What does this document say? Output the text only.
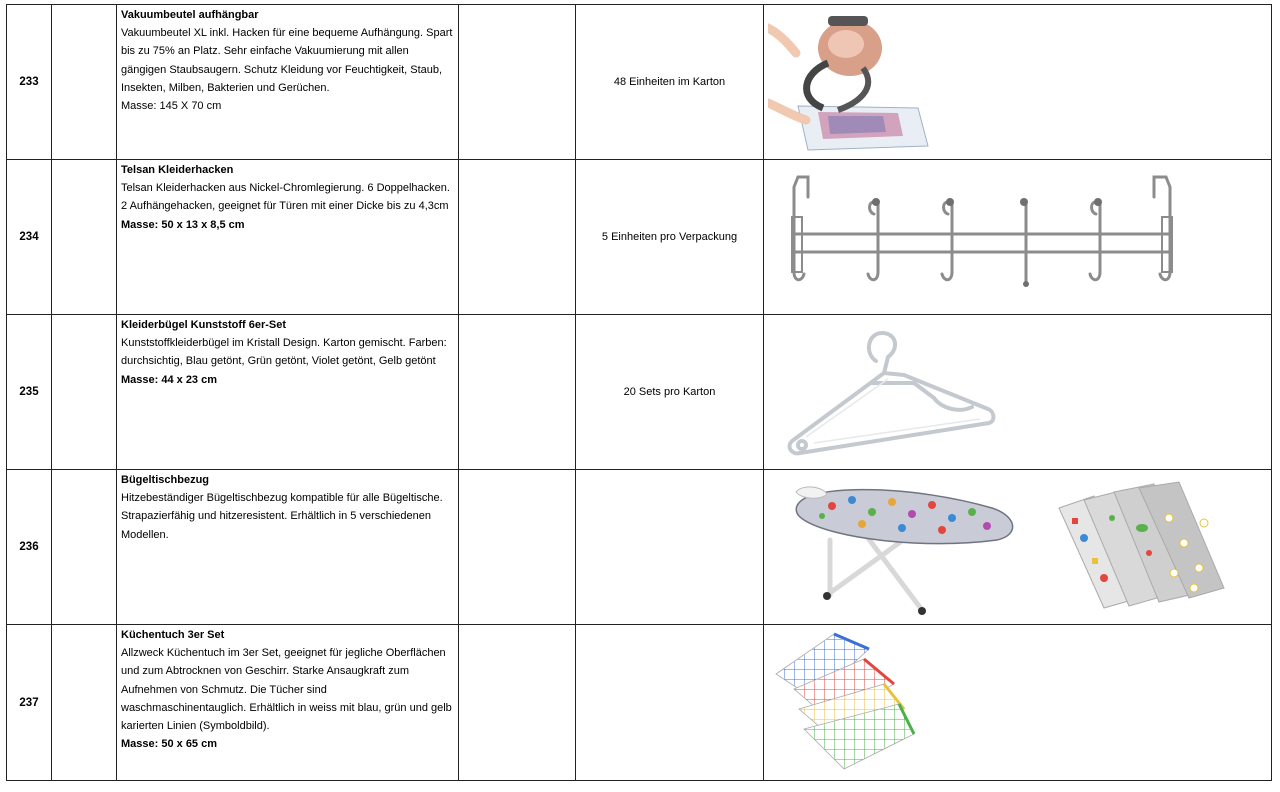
233		Vakuumbeutel aufhängbar
Vakuumbeutel XL inkl. Hacken für eine bequeme Aufhängung. Spart bis zu 75% an Platz. Sehr einfache Vakuumierung mit allen gängigen Staubsaugern. Schutz Kleidung vor Feuchtigkeit, Staub, Insekten, Milben, Bakterien und Gerüchen.
Masse: 145 X 70 cm		48 Einheiten im Karton	

234		Telsan Kleiderhacken
Telsan Kleiderhacken aus Nickel-Chromlegierung. 6 Doppelhacken. 2 Aufhängehacken, geeignet für Türen mit einer Dicke bis zu 4,3cm
Masse: 50 x 13 x 8,5 cm		5 Einheiten pro Verpackung	

235		Kleiderbügel Kunststoff 6er-Set
Kunststoffkleiderbügel im Kristall Design. Karton gemischt. Farben: durchsichtig, Blau getönt, Grün getönt, Violet getönt, Gelb getönt
Masse: 44 x 23 cm		20 Sets pro Karton	

236		Bügeltischbezug
Hitzebeständiger Bügeltischbezug kompatible für alle Bügeltische. Strapazierfähig und hitzeresistent. Erhältlich in 5 verschiedenen Modellen.

237		Küchentuch 3er Set
Allzweck Küchentuch im 3er Set, geeignet für jegliche Oberflächen und zum Abtrocknen von Geschirr. Starke Ansaugkraft zum Aufnehmen von Schmutz. Die Tücher sind waschmaschinentauglich. Erhältlich in weiss mit blau, grün und gelb karierten Linien (Symboldbild).
Masse: 50 x 65 cm
